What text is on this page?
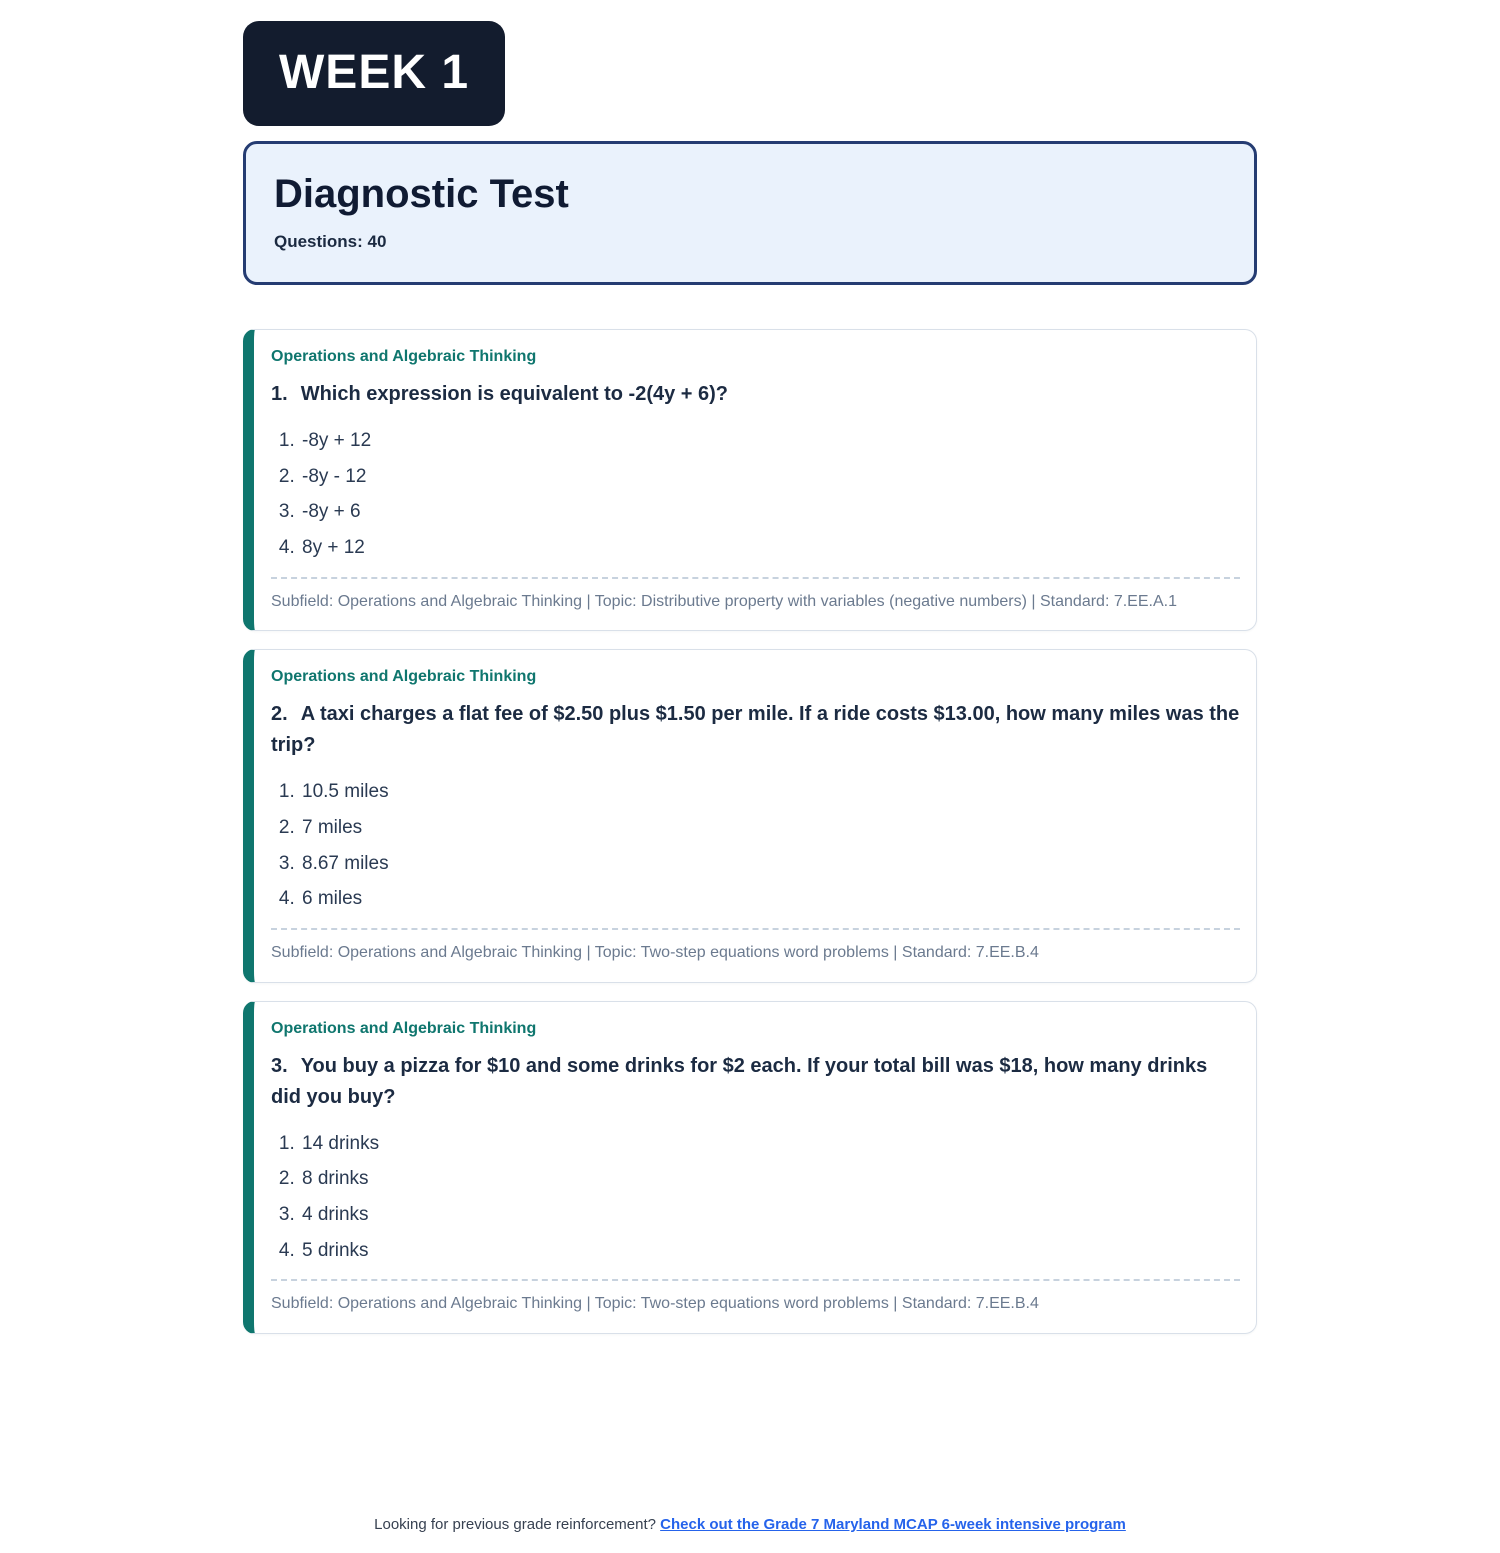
WEEK 1
Diagnostic Test
Questions: 40
Operations and Algebraic Thinking
1. Which expression is equivalent to -2(4y + 6)?
1. -8y + 12
2. -8y - 12
3. -8y + 6
4. 8y + 12
Subfield: Operations and Algebraic Thinking | Topic: Distributive property with variables (negative numbers) | Standard: 7.EE.A.1
Operations and Algebraic Thinking
2. A taxi charges a flat fee of $2.50 plus $1.50 per mile. If a ride costs $13.00, how many miles was the trip?
1. 10.5 miles
2. 7 miles
3. 8.67 miles
4. 6 miles
Subfield: Operations and Algebraic Thinking | Topic: Two-step equations word problems | Standard: 7.EE.B.4
Operations and Algebraic Thinking
3. You buy a pizza for $10 and some drinks for $2 each. If your total bill was $18, how many drinks did you buy?
1. 14 drinks
2. 8 drinks
3. 4 drinks
4. 5 drinks
Subfield: Operations and Algebraic Thinking | Topic: Two-step equations word problems | Standard: 7.EE.B.4
Looking for previous grade reinforcement? Check out the Grade 7 Maryland MCAP 6-week intensive program
